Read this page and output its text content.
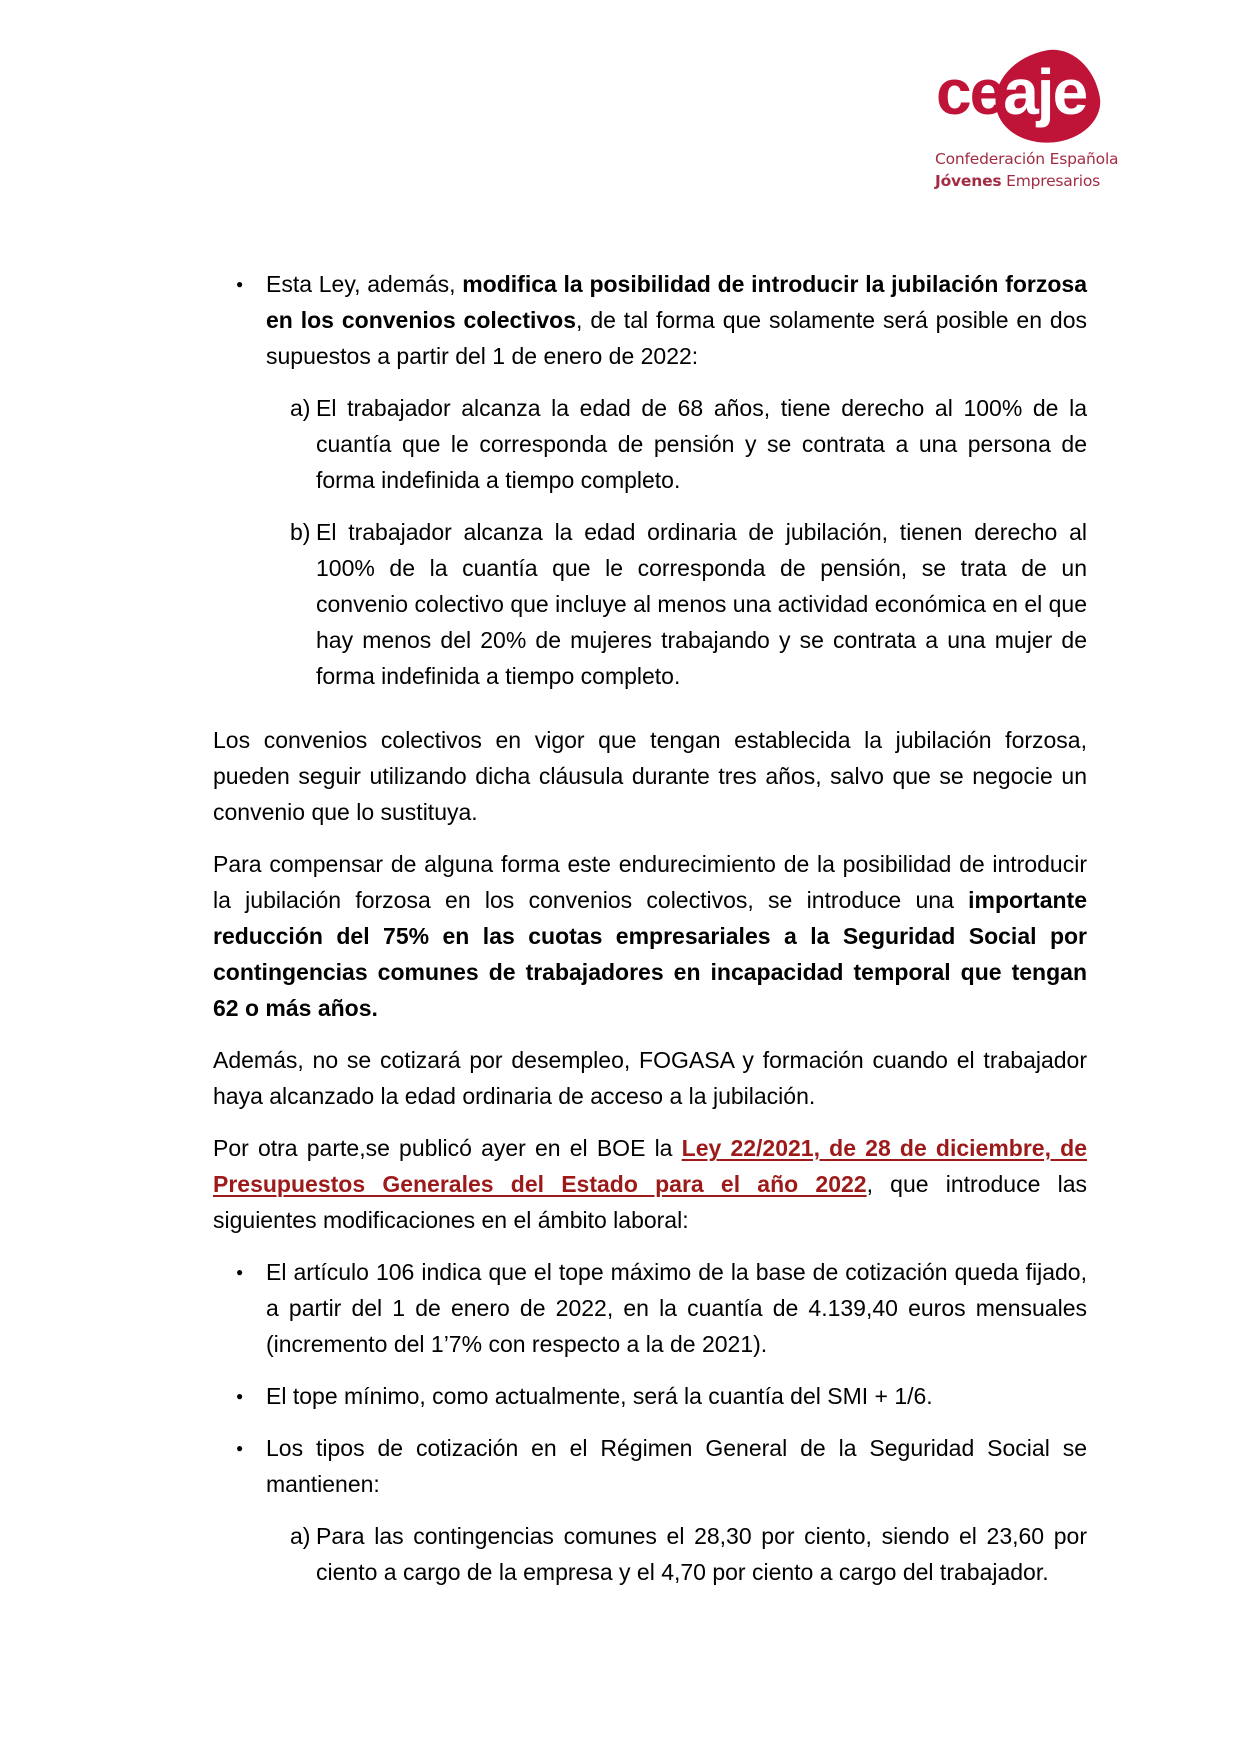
ceaje
Confederación Española
Jóvenes Empresarios
● Esta Ley, además, modifica la posibilidad de introducir la jubilación forzosa en los convenios colectivos, de tal forma que solamente será posible en dos supuestos a partir del 1 de enero de 2022:
a) El trabajador alcanza la edad de 68 años, tiene derecho al 100% de la cuantía que le corresponda de pensión y se contrata a una persona de forma indefinida a tiempo completo.
b) El trabajador alcanza la edad ordinaria de jubilación, tienen derecho al 100% de la cuantía que le corresponda de pensión, se trata de un convenio colectivo que incluye al menos una actividad económica en el que hay menos del 20% de mujeres trabajando y se contrata a una mujer de forma indefinida a tiempo completo.
Los convenios colectivos en vigor que tengan establecida la jubilación forzosa, pueden seguir utilizando dicha cláusula durante tres años, salvo que se negocie un convenio que lo sustituya.
Para compensar de alguna forma este endurecimiento de la posibilidad de introducir la jubilación forzosa en los convenios colectivos, se introduce una importante reducción del 75% en las cuotas empresariales a la Seguridad Social por contingencias comunes de trabajadores en incapacidad temporal que tengan 62 o más años.
Además, no se cotizará por desempleo, FOGASA y formación cuando el trabajador haya alcanzado la edad ordinaria de acceso a la jubilación.
Por otra parte,se publicó ayer en el BOE la Ley 22/2021, de 28 de diciembre, de Presupuestos Generales del Estado para el año 2022, que introduce las siguientes modificaciones en el ámbito laboral:
● El artículo 106 indica que el tope máximo de la base de cotización queda fijado, a partir del 1 de enero de 2022, en la cuantía de 4.139,40 euros mensuales (incremento del 1’7% con respecto a la de 2021).
● El tope mínimo, como actualmente, será la cuantía del SMI + 1/6.
● Los tipos de cotización en el Régimen General de la Seguridad Social se mantienen:
a) Para las contingencias comunes el 28,30 por ciento, siendo el 23,60 por ciento a cargo de la empresa y el 4,70 por ciento a cargo del trabajador.
